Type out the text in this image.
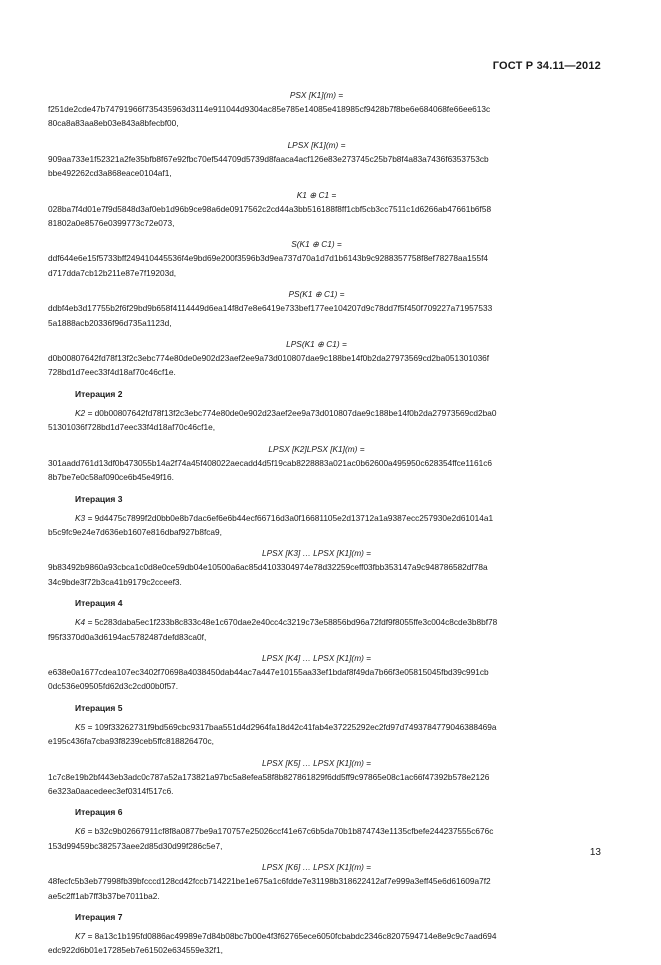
ГОСТ Р 34.11—2012
PSX [K1](m) =
f251de2cde47b74791966f735435963d3114e911044d9304ac85e785e14085e418985cf9428b7f8be6e684068fe66ee613c
80ca8a83aa8eb03e843a8bfecbf00,
LPSX [K1](m) =
909aa733e1f52321a2fe35bfb8f67e92fbc70ef544709d5739d8faaca4acf126e83e273745c25b7b8f4a83a7436f6353753cb
bbe492262cd3a868eace0104af1,
K1 ⊕ C1 =
028ba7f4d01e7f9d5848d3af0eb1d96b9ce98a6de0917562c2cd44a3bb516188f8ff1cbf5cb3cc7511c1d6266ab47661b6f58
81802a0e8576e0399773c72e073,
S(K1 ⊕ C1) =
ddf644e6e15f5733bff249410445536f4e9bd69e200f3596b3d9ea737d70a1d7d1b6143b9c9288357758f8ef78278aa155f4
d717dda7cb12b211e87e7f19203d,
PS(K1 ⊕ C1) =
ddbf4eb3d17755b2f6f29bd9b658f4114449d6ea14f8d7e8e6419e733bef177ee104207d9c78dd7f5f450f709227a71957533
5a1888acb20336f96d735a1123d,
LPS(K1 ⊕ C1) =
d0b00807642fd78f13f2c3ebc774e80de0e902d23aef2ee9a73d010807dae9c188be14f0b2da27973569cd2ba051301036f
728bd1d7eec33f4d18af70c46cf1e.
Итерация 2
K2 = d0b00807642fd78f13f2c3ebc774e80de0e902d23aef2ee9a73d010807dae9c188be14f0b2da27973569cd2ba0
51301036f728bd1d7eec33f4d18af70c46cf1e,
LPSX [K2]LPSX [K1](m) =
301aadd761d13df0b473055b14a2f74a45f408022aecadd4d5f19cab8228883a021ac0b62600a495950c628354ffce1161c6
8b7be7e0c58af090ce6b45e49f16.
Итерация 3
K3 = 9d4475c7899f2d0bb0e8b7dac6ef6e6b44ecf66716d3a0f16681105e2d13712a1a9387ecc257930e2d61014a1
b5c9fc9e24e7d636eb1607e816dbaf927b8fca9,
LPSX [K3] … LPSX [K1](m) =
9b83492b9860a93cbca1c0d8e0ce59db04e10500a6ac85d4103304974e78d32259ceff03fbb353147a9c948786582df78a
34c9bde3f72b3ca41b9179c2cceef3.
Итерация 4
K4 = 5c283daba5ec1f233b8c833c48e1c670dae2e40cc4c3219c73e58856bd96a72fdf9f8055ffe3c004c8cde3b8bf78
f95f3370d0a3d6194ac5782487defd83ca0f,
LPSX [K4] … LPSX [K1](m) =
e638e0a1677cdea107ec3402f70698a4038450dab44ac7a447e10155aa33ef1bdaf8f49da7b66f3e05815045fbd39c991cb
0dc536e09505fd62d3c2cd00b0f57.
Итерация 5
K5 = 109f33262731f9bd569cbc9317baa551d4d2964fa18d42c41fab4e37225292ec2fd97d7493784779046388469a
e195c436fa7cba93f8239ceb5ffc818826470c,
LPSX [K5] … LPSX [K1](m) =
1c7c8e19b2bf443eb3adc0c787a52a173821a97bc5a8efea58f8b827861829f6dd5ff9c97865e08c1ac66f47392b578e2126
6e323a0aacedeec3ef0314f517c6.
Итерация 6
K6 = b32c9b02667911cf8f8a0877be9a170757e25026ccf41e67c6b5da70b1b874743e1135cfbefe244237555c676c
153d99459bc382573aee2d85d30d99f286c5e7,
LPSX [K6] … LPSX [K1](m) =
48fecfc5b3eb77998fb39bfcccd128cd42fccb714221be1e675a1c6fdde7e31198b318622412af7e999a3eff45e6d61609a7f2
ae5c2ff1ab7ff3b37be7011ba2.
Итерация 7
K7 = 8a13c1b195fd0886ac49989e7d84b08bc7b00e4f3f62765ece6050fcbabdc2346c8207594714e8e9c9c7aad694
edc922d6b01e17285eb7e61502e634559e32f1,
13
